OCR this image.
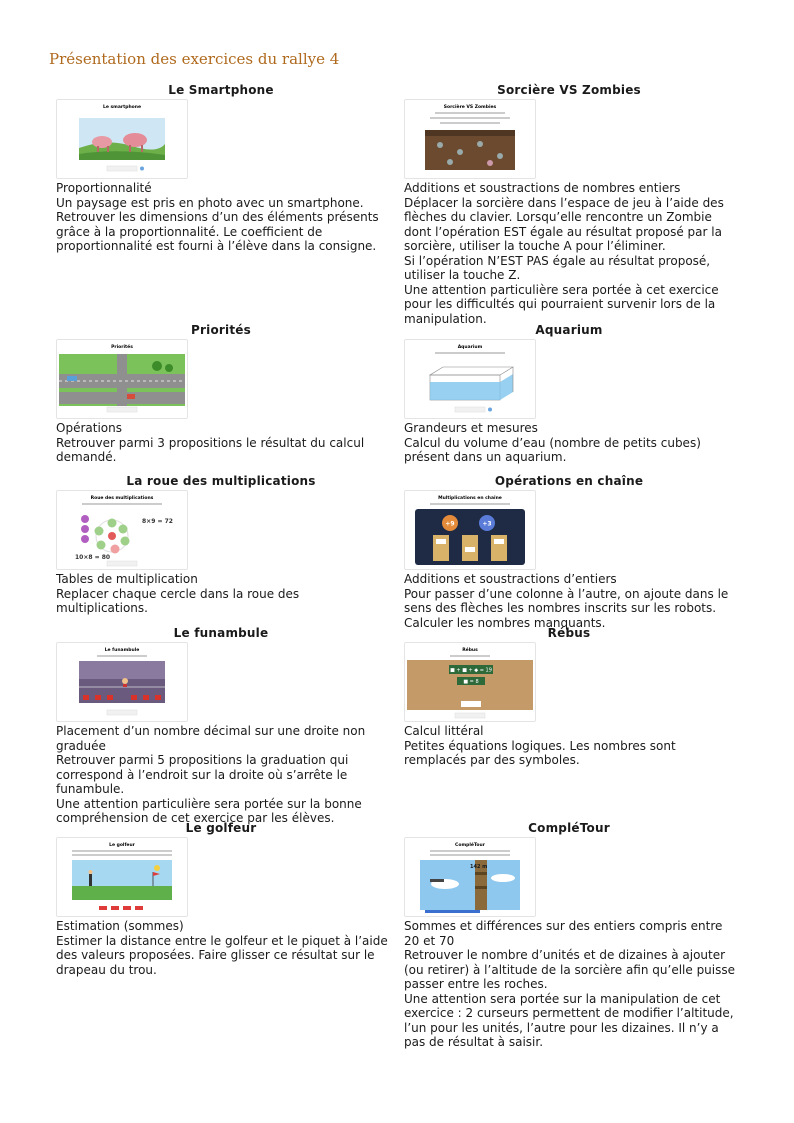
Présentation des exercices du rallye 4
Le Smartphone
Le smartphone

Proportionnalité

Un paysage est pris en photo avec un smartphone.

Retrouver les dimensions d’un des éléments présents

grâce à la proportionnalité. Le coefficient de

proportionnalité est fourni à l’élève dans la consigne.

Sorcière VS Zombies
Sorcière VS Zombies

Additions et soustractions de nombres entiers

Déplacer la sorcière dans l’espace de jeu à l’aide des

flèches du clavier. Lorsqu’elle rencontre un Zombie

dont l’opération EST égale au résultat proposé par la

sorcière, utiliser la touche A pour l’éliminer.

Si l’opération N’EST PAS égale au résultat proposé,

utiliser la touche Z.

Une attention particulière sera portée à cet exercice

pour les difficultés qui pourraient survenir lors de la

manipulation.

Priorités
Priorités

Opérations

Retrouver parmi 3 propositions le résultat du calcul

demandé.

Aquarium
Aquarium

Grandeurs et mesures

Calcul du volume d’eau (nombre de petits cubes)

présent dans un aquarium.

La roue des multiplications
Roue des multiplications
8×9 = 72
10×8 = 80

Tables de multiplication

Replacer chaque cercle dans la roue des

multiplications.

Opérations en chaîne
Multiplications en chaîne
+9	+3

Additions et soustractions d’entiers

Pour passer d’une colonne à l’autre, on ajoute dans le

sens des flèches les nombres inscrits sur les robots.

Calculer les nombres manquants.

Le funambule
Le funambule

Placement d’un nombre décimal sur une droite non

graduée

Retrouver parmi 5 propositions la graduation qui

correspond à l’endroit sur la droite où s’arrête le

funambule.

Une attention particulière sera portée sur la bonne

compréhension de cet exercice par les élèves.

Rébus
Rébus
■ + ■ + ◆ = 19
■ = 8

Calcul littéral

Petites équations logiques. Les nombres sont

remplacés par des symboles.

Le golfeur
Le golfeur

Estimation (sommes)

Estimer la distance entre le golfeur et le piquet à l’aide

des valeurs proposées. Faire glisser ce résultat sur le

drapeau du trou.

CompléTour
CompléTour
142 m

Sommes et différences sur des entiers compris entre

20 et 70

Retrouver le nombre d’unités et de dizaines à ajouter

(ou retirer) à l’altitude de la sorcière afin qu’elle puisse

passer entre les roches.

Une attention sera portée sur la manipulation de cet

exercice : 2 curseurs permettent de modifier l’altitude,

l’un pour les unités, l’autre pour les dizaines. Il n’y a

pas de résultat à saisir.
